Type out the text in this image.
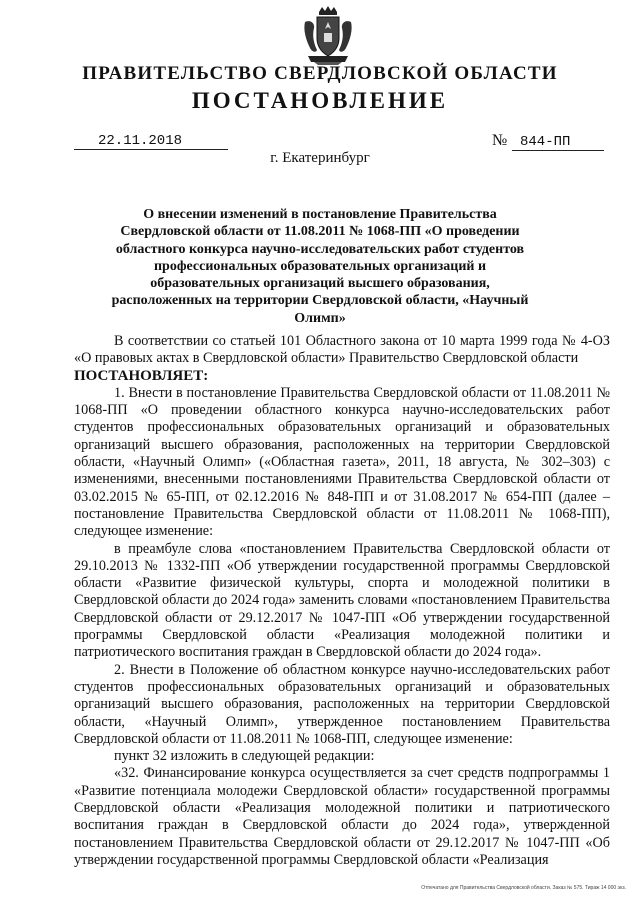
ПРАВИТЕЛЬСТВО СВЕРДЛОВСКОЙ ОБЛАСТИ
ПОСТАНОВЛЕНИЕ
22.11.2018	№ 844-ПП
г. Екатеринбург
О внесении изменений в постановление Правительства Свердловской области от 11.08.2011 № 1068-ПП «О проведении областного конкурса научно-исследовательских работ студентов профессиональных образовательных организаций и образовательных организаций высшего образования, расположенных на территории Свердловской области, «Научный Олимп»

В соответствии со статьей 101 Областного закона от 10 марта 1999 года № 4-ОЗ «О правовых актах в Свердловской области» Правительство Свердловской области

ПОСТАНОВЛЯЕТ:

1. Внести в постановление Правительства Свердловской области от 11.08.2011 № 1068-ПП «О проведении областного конкурса научно-исследовательских работ студентов профессиональных образовательных организаций и образовательных организаций высшего образования, расположенных на территории Свердловской области, «Научный Олимп» («Областная газета», 2011, 18 августа, № 302–303) с изменениями, внесенными постановлениями Правительства Свердловской области от 03.02.2015 № 65-ПП, от 02.12.2016 № 848-ПП и от 31.08.2017 № 654-ПП (далее – постановление Правительства Свердловской области от 11.08.2011 № 1068-ПП), следующее изменение:

в преамбуле слова «постановлением Правительства Свердловской области от 29.10.2013 № 1332-ПП «Об утверждении государственной программы Свердловской области «Развитие физической культуры, спорта и молодежной политики в Свердловской области до 2024 года» заменить словами «постановлением Правительства Свердловской области от 29.12.2017 № 1047-ПП «Об утверждении государственной программы Свердловской области «Реализация молодежной политики и патриотического воспитания граждан в Свердловской области до 2024 года».

2. Внести в Положение об областном конкурсе научно-исследовательских работ студентов профессиональных образовательных организаций и образовательных организаций высшего образования, расположенных на территории Свердловской области, «Научный Олимп», утвержденное постановлением Правительства Свердловской области от 11.08.2011 № 1068-ПП, следующее изменение:

пункт 32 изложить в следующей редакции:

«32. Финансирование конкурса осуществляется за счет средств подпрограммы 1 «Развитие потенциала молодежи Свердловской области» государственной программы Свердловской области «Реализация молодежной политики и патриотического воспитания граждан в Свердловской области до 2024 года», утвержденной постановлением Правительства Свердловской области от 29.12.2017 № 1047-ПП «Об утверждении государственной программы Свердловской области «Реализация

Отпечатано для Правительства Свердловской области. Заказ № 575. Тираж 14 000 экз.
